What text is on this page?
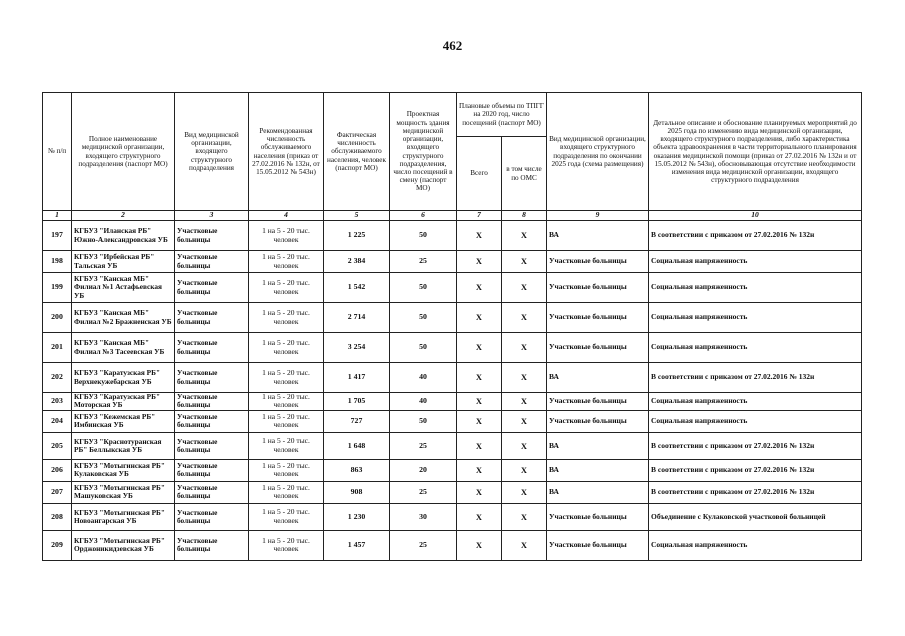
462
№ п/п	Полное наименование медицинской организации, входящего структурного подразделения (паспорт МО)	Вид медицинской организации, входящего структурного подразделения	Рекомендованная численность обслуживаемого населения (приказ от 27.02.2016 № 132н, от 15.05.2012 № 543н)	Фактическая численность обслуживаемого населения, человек (паспорт МО)	Проектная мощность здания медицинской организации, входящего структурного подразделения, число посещений в смену (паспорт МО)	Плановые объемы по ТПГГ на 2020 год, число посещений (паспорт МО)		Вид медицинской организации, входящего структурного подразделения по окончании 2025 года (схема размещения)	Детальное описание и обоснование планируемых мероприятий до 2025 года по изменению вида медицинской организации, входящего структурного подразделения, либо характеристика объекта здравоохранения в части территориального планирования оказания медицинской помощи (приказ от 27.02.2016 № 132н и от 15.05.2012 № 543н), обосновывающая отсутствие необходимости изменения вида медицинской организации, входящего структурного подразделения
						Всего	в том числе по ОМС		
1	2	3	4	5	6	7	8	9	10
197	КГБУЗ "Иланская РБ" Южно-Александровская УБ	Участковые больницы	1 на 5 - 20 тыс. человек	1 225	50	Х	Х	ВА	В соответствии с приказом от 27.02.2016 № 132н
198	КГБУЗ "Ирбейская РБ" Тальская УБ	Участковые больницы	1 на 5 - 20 тыс. человек	2 384	25	Х	Х	Участковые больницы	Социальная напряженность
199	КГБУЗ "Канская МБ" Филиал №1 Астафьевская УБ	Участковые больницы	1 на 5 - 20 тыс. человек	1 542	50	Х	Х	Участковые больницы	Социальная напряженность
200	КГБУЗ "Канская МБ" Филиал №2 Бражненская УБ	Участковые больницы	1 на 5 - 20 тыс. человек	2 714	50	Х	Х	Участковые больницы	Социальная напряженность
201	КГБУЗ "Канская МБ" Филиал №3 Тасеевская УБ	Участковые больницы	1 на 5 - 20 тыс. человек	3 254	50	Х	Х	Участковые больницы	Социальная напряженность
202	КГБУЗ "Каратузская РБ" Верхнекужебарская УБ	Участковые больницы	1 на 5 - 20 тыс. человек	1 417	40	Х	Х	ВА	В соответствии с приказом от 27.02.2016 № 132н
203	КГБУЗ "Каратузская РБ" Моторская УБ	Участковые больницы	1 на 5 - 20 тыс. человек	1 705	40	Х	Х	Участковые больницы	Социальная напряженность
204	КГБУЗ "Кежемская РБ" Имбинская УБ	Участковые больницы	1 на 5 - 20 тыс. человек	727	50	Х	Х	Участковые больницы	Социальная напряженность
205	КГБУЗ "Краснотуранская РБ" Беллыкская УБ	Участковые больницы	1 на 5 - 20 тыс. человек	1 648	25	Х	Х	ВА	В соответствии с приказом от 27.02.2016 № 132н
206	КГБУЗ "Мотыгинская РБ" Кулаковская УБ	Участковые больницы	1 на 5 - 20 тыс. человек	863	20	Х	Х	ВА	В соответствии с приказом от 27.02.2016 № 132н
207	КГБУЗ "Мотыгинская РБ" Машуковская УБ	Участковые больницы	1 на 5 - 20 тыс. человек	908	25	Х	Х	ВА	В соответствии с приказом от 27.02.2016 № 132н
208	КГБУЗ "Мотыгинская РБ" Новоангарская УБ	Участковые больницы	1 на 5 - 20 тыс. человек	1 230	30	Х	Х	Участковые больницы	Объединение с Кулаковской участковой больницей
209	КГБУЗ "Мотыгинская РБ" Орджоникидзевская УБ	Участковые больницы	1 на 5 - 20 тыс. человек	1 457	25	Х	Х	Участковые больницы	Социальная напряженность
